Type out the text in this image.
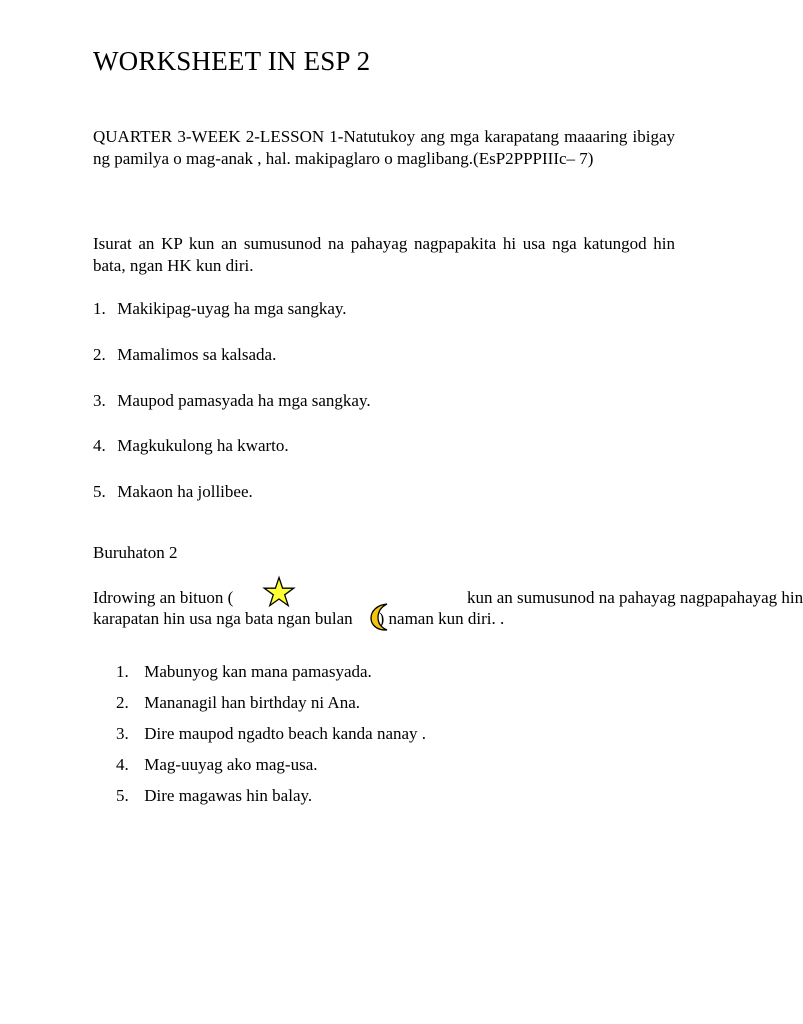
WORKSHEET IN ESP 2

QUARTER 3-WEEK 2-LESSON 1-Natutukoy ang mga karapatang maaaring ibigay ng pamilya o mag-anak , hal. makipaglaro o maglibang.(EsP2PPPIIIc– 7)

Isurat an KP kun an sumusunod na pahayag nagpapakita hi usa nga katungod hin bata, ngan HK kun diri.

1. Makikipag-uyag ha mga sangkay.
2. Mamalimos sa kalsada.
3. Maupod pamasyada ha mga sangkay.
4. Magkukulong ha kwarto.
5. Makaon ha jollibee.

Buruhaton 2

Idrowing an bituon (	kun an sumusunod na pahayag nagpapahayag hin
karapatan hin usa nga bata ngan bulan ) naman kun diri. .
1. Mabunyog kan mana pamasyada.
2. Mananagil han birthday ni Ana.
3. Dire maupod ngadto beach kanda nanay .
4. Mag-uuyag ako mag-usa.
5. Dire magawas hin balay.
